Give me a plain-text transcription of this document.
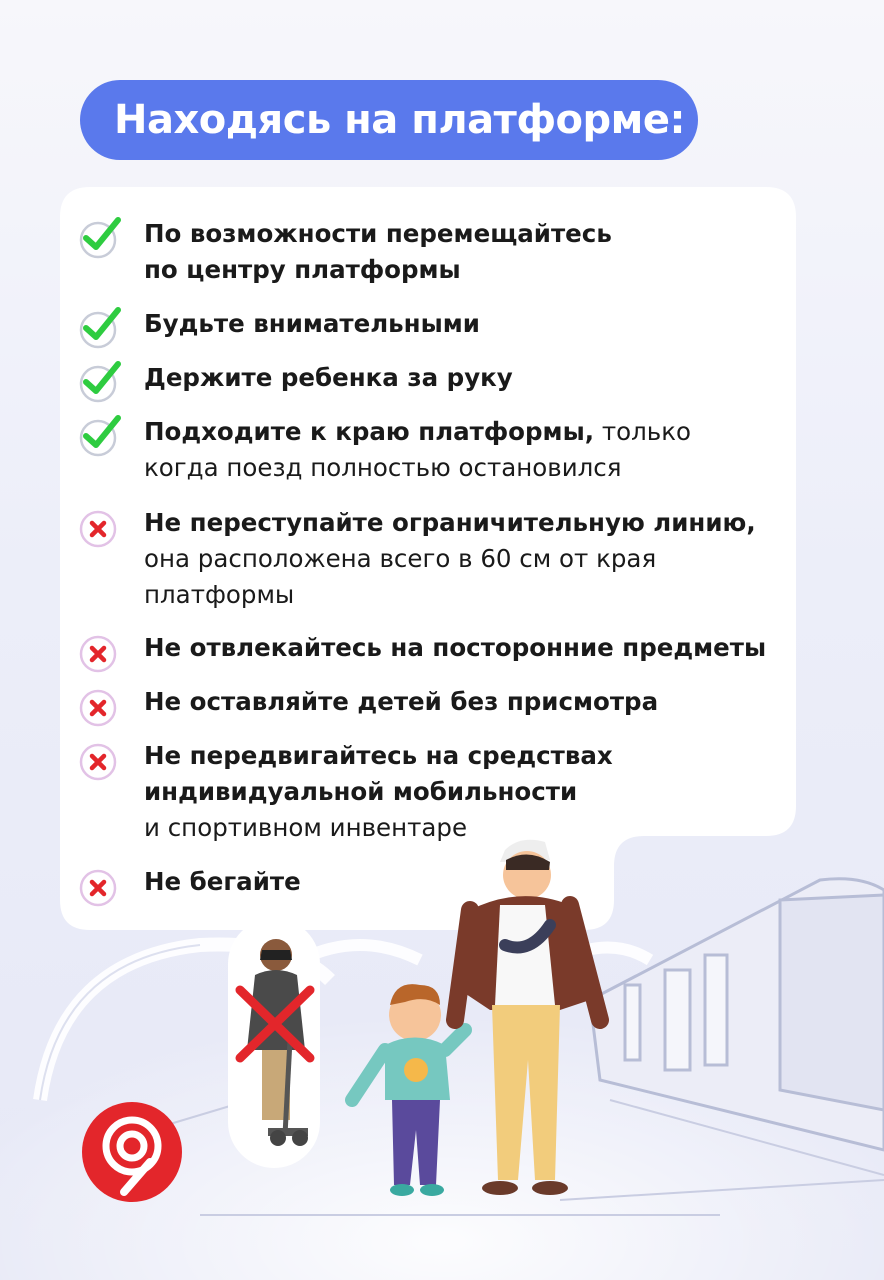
Находясь на платформе:
По возможности перемещайтесь
по центру платформы
Будьте внимательными
Держите ребенка за руку
Подходите к краю платформы, только
когда поезд полностью остановился
Не переступайте ограничительную линию,
она расположена всего в 60 см от края
платформы
Не отвлекайтесь на посторонние предметы
Не оставляйте детей без присмотра
Не передвигайтесь на средствах
индивидуальной мобильности
и спортивном инвентаре
Не бегайте
